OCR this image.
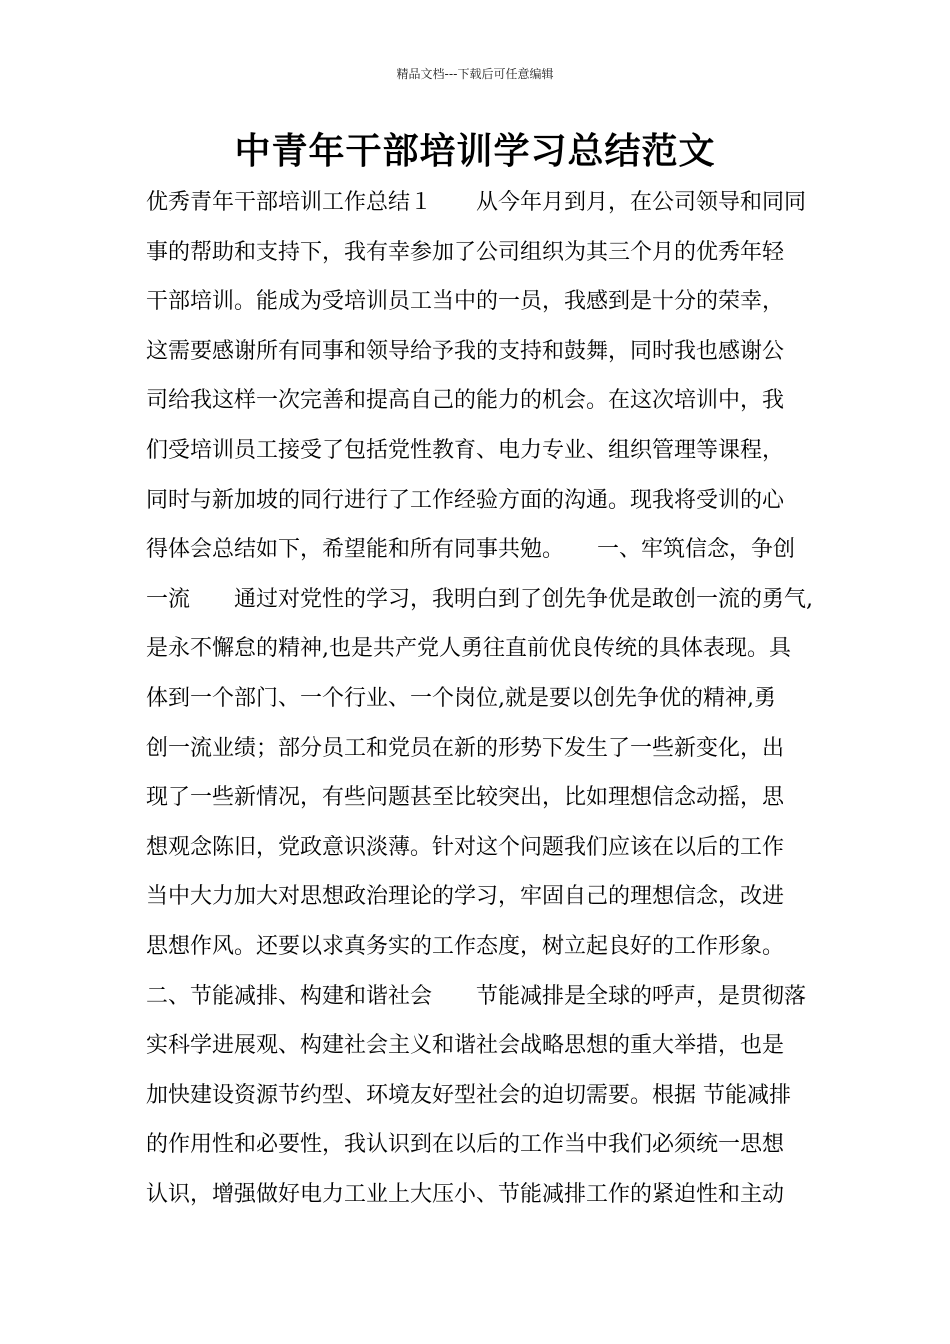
精品文档---下载后可任意编辑
中青年干部培训学习总结范文
优秀青年干部培训工作总结１　　从今年月到月，在公司领导和同同
事的帮助和支持下，我有幸参加了公司组织为其三个月的优秀年轻
干部培训。能成为受培训员工当中的一员，我感到是十分的荣幸，
这需要感谢所有同事和领导给予我的支持和鼓舞，同时我也感谢公
司给我这样一次完善和提高自己的能力的机会。在这次培训中，我
们受培训员工接受了包括党性教育、电力专业、组织管理等课程，
同时与新加坡的同行进行了工作经验方面的沟通。现我将受训的心
得体会总结如下，希望能和所有同事共勉。　　一、牢筑信念，争创
一流　　通过对党性的学习，我明白到了创先争优是敢创一流的勇气,
是永不懈怠的精神,也是共产党人勇往直前优良传统的具体表现。具
体到一个部门、一个行业、一个岗位,就是要以创先争优的精神,勇
创一流业绩；部分员工和党员在新的形势下发生了一些新变化，出
现了一些新情况，有些问题甚至比较突出，比如理想信念动摇，思
想观念陈旧，党政意识淡薄。针对这个问题我们应该在以后的工作
当中大力加大对思想政治理论的学习，牢固自己的理想信念，改进
思想作风。还要以求真务实的工作态度，树立起良好的工作形象。
二、节能减排、构建和谐社会　　节能减排是全球的呼声，是贯彻落
实科学进展观、构建社会主义和谐社会战略思想的重大举措，也是
加快建设资源节约型、环境友好型社会的迫切需要。根据 节能减排
的作用性和必要性，我认识到在以后的工作当中我们必须统一思想
认识，增强做好电力工业上大压小、节能减排工作的紧迫性和主动
